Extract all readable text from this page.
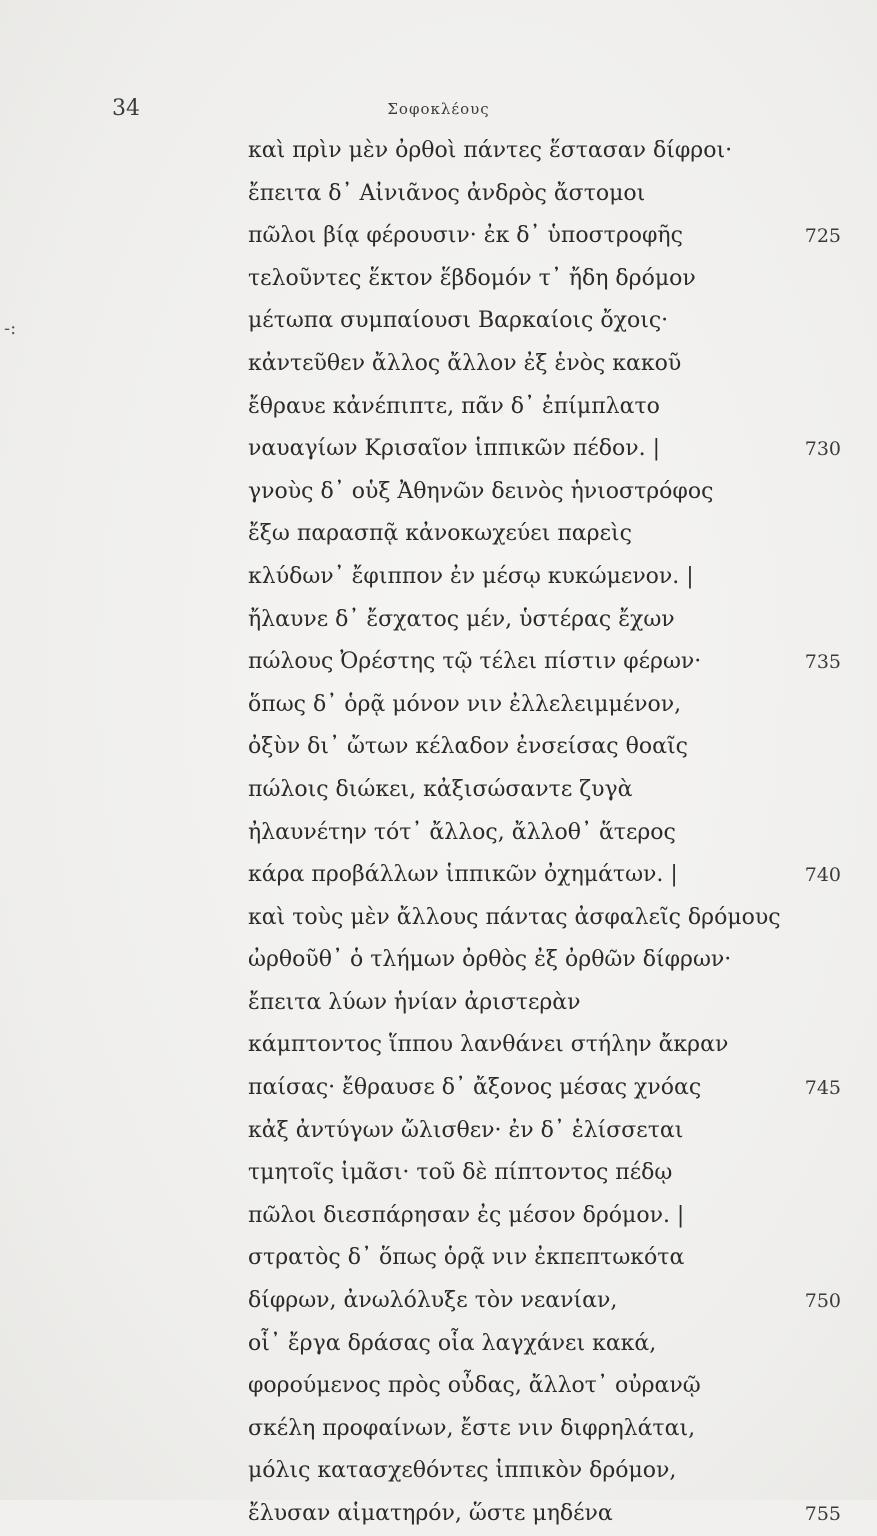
34	Σοφοκλέους
-:
καὶ πρὶν μὲν ὀρθοὶ πάντες ἕστασαν δίφροι·
ἔπειτα δ᾽ Αἰνιᾶνος ἀνδρὸς ἄστομοι
πῶλοι βίᾳ φέρουσιν· ἐκ δ᾽ ὑποστροφῆς	725
τελοῦντες ἕκτον ἕβδομόν τ᾽ ἤδη δρόμον
μέτωπα συμπαίουσι Βαρκαίοις ὄχοις·
κἀντεῦθεν ἄλλος ἄλλον ἐξ ἑνὸς κακοῦ
ἔθραυε κἀνέπιπτε, πᾶν δ᾽ ἐπίμπλατο
ναυαγίων Κρισαῖον ἱππικῶν πέδον. |	730
γνοὺς δ᾽ οὑξ Ἀθηνῶν δεινὸς ἡνιοστρόφος
ἔξω παρασπᾷ κἀνοκωχεύει παρεὶς
κλύδων᾽ ἔφιππον ἐν μέσῳ κυκώμενον. |
ἤλαυνε δ᾽ ἔσχατος μέν, ὑστέρας ἔχων
πώλους Ὀρέστης τῷ τέλει πίστιν φέρων·	735
ὅπως δ᾽ ὁρᾷ μόνον νιν ἐλλελειμμένον,
ὀξὺν δι᾽ ὤτων κέλαδον ἐνσείσας θοαῖς
πώλοις διώκει, κἀξισώσαντε ζυγὰ
ἠλαυνέτην τότ᾽ ἄλλος, ἄλλοθ᾽ ἅτερος
κάρα προβάλλων ἱππικῶν ὀχημάτων. |	740
καὶ τοὺς μὲν ἄλλους πάντας ἀσφαλεῖς δρόμους
ὠρθοῦθ᾽ ὁ τλήμων ὀρθὸς ἐξ ὀρθῶν δίφρων·
ἔπειτα λύων ἡνίαν ἀριστερὰν
κάμπτοντος ἵππου λανθάνει στήλην ἄκραν
παίσας· ἔθραυσε δ᾽ ἄξονος μέσας χνόας	745
κἀξ ἀντύγων ὤλισθεν· ἐν δ᾽ ἑλίσσεται
τμητοῖς ἱμᾶσι· τοῦ δὲ πίπτοντος πέδῳ
πῶλοι διεσπάρησαν ἐς μέσον δρόμον. |
στρατὸς δ᾽ ὅπως ὁρᾷ νιν ἐκπεπτωκότα
δίφρων, ἀνωλόλυξε τὸν νεανίαν,	750
οἷ᾽ ἔργα δράσας οἷα λαγχάνει κακά,
φορούμενος πρὸς οὖδας, ἄλλοτ᾽ οὐρανῷ
σκέλη προφαίνων, ἔστε νιν διφρηλάται,
μόλις κατασχεθόντες ἱππικὸν δρόμον,
ἔλυσαν αἱματηρόν, ὥστε μηδένα	755
